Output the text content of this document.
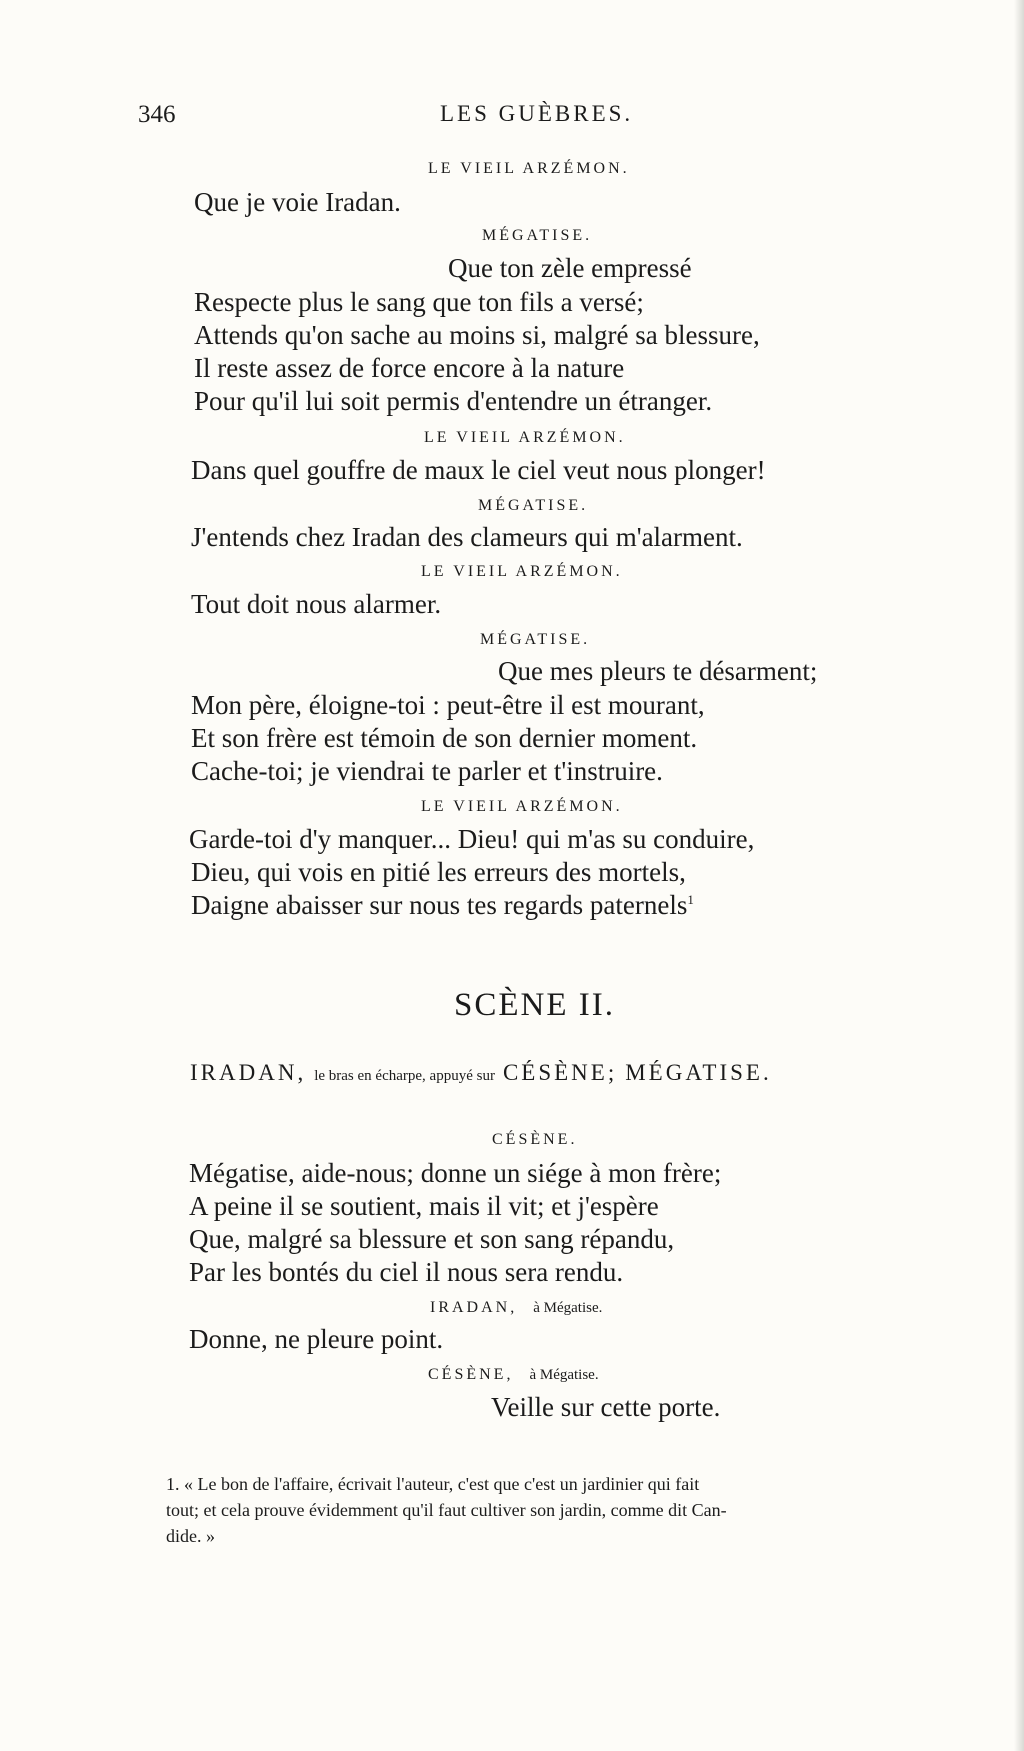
346	LES GUÈBRES.
LE VIEIL ARZÉMON.
Que je voie Iradan.
MÉGATISE.
Que ton zèle empressé
Respecte plus le sang que ton fils a versé;
Attends qu'on sache au moins si, malgré sa blessure,
Il reste assez de force encore à la nature
Pour qu'il lui soit permis d'entendre un étranger.
LE VIEIL ARZÉMON.
Dans quel gouffre de maux le ciel veut nous plonger!
MÉGATISE.
J'entends chez Iradan des clameurs qui m'alarment.
LE VIEIL ARZÉMON.
Tout doit nous alarmer.
MÉGATISE.
Que mes pleurs te désarment;
Mon père, éloigne-toi : peut-être il est mourant,
Et son frère est témoin de son dernier moment.
Cache-toi; je viendrai te parler et t'instruire.
LE VIEIL ARZÉMON.
Garde-toi d'y manquer... Dieu! qui m'as su conduire,
Dieu, qui vois en pitié les erreurs des mortels,
Daigne abaisser sur nous tes regards paternels$^1$
SCÈNE II.
IRADAN, le bras en écharpe, appuyé sur CÉSÈNE; MÉGATISE.
CÉSÈNE.
Mégatise, aide-nous; donne un siége à mon frère;
A peine il se soutient, mais il vit; et j'espère
Que, malgré sa blessure et son sang répandu,
Par les bontés du ciel il nous sera rendu.
IRADAN, à Mégatise.
Donne, ne pleure point.
CÉSÈNE, à Mégatise.
Veille sur cette porte.
1. « Le bon de l'affaire, écrivait l'auteur, c'est que c'est un jardinier qui fait
tout; et cela prouve évidemment qu'il faut cultiver son jardin, comme dit Can-
dide. »
